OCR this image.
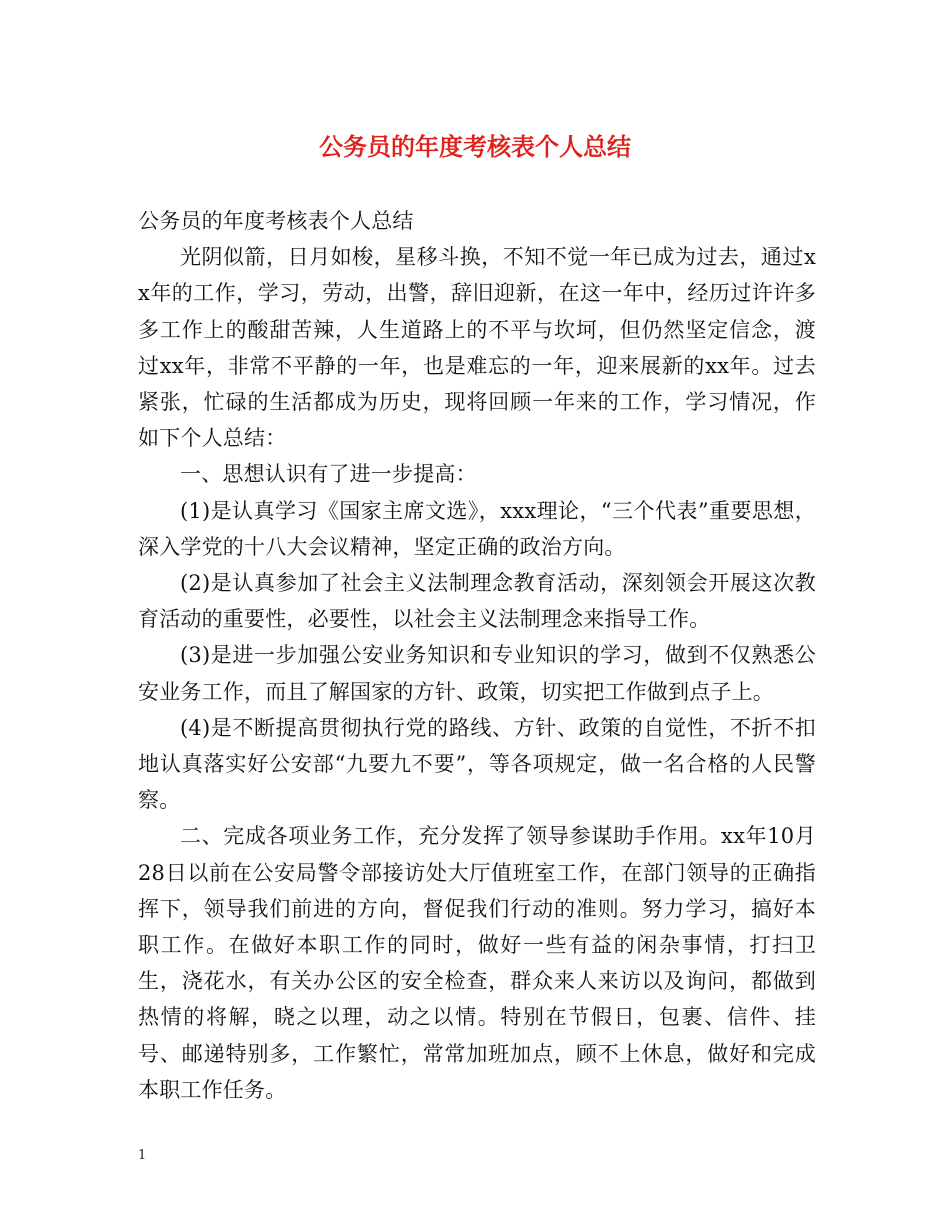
公务员的年度考核表个人总结

公务员的年度考核表个人总结

光阴似箭，日月如梭，星移斗换，不知不觉一年已成为过去，通过xx年的工作，学习，劳动，出警，辞旧迎新，在这一年中，经历过许许多多工作上的酸甜苦辣，人生道路上的不平与坎坷，但仍然坚定信念，渡过xx年，非常不平静的一年，也是难忘的一年，迎来展新的xx年。过去紧张，忙碌的生活都成为历史，现将回顾一年来的工作，学习情况，作如下个人总结：

一、思想认识有了进一步提高：

(1)是认真学习《国家主席文选》，xxx理论，“三个代表”重要思想，深入学党的十八大会议精神，坚定正确的政治方向。

(2)是认真参加了社会主义法制理念教育活动，深刻领会开展这次教育活动的重要性，必要性，以社会主义法制理念来指导工作。

(3)是进一步加强公安业务知识和专业知识的学习，做到不仅熟悉公安业务工作，而且了解国家的方针、政策，切实把工作做到点子上。

(4)是不断提高贯彻执行党的路线、方针、政策的自觉性，不折不扣地认真落实好公安部“九要九不要”，等各项规定，做一名合格的人民警察。

二、完成各项业务工作，充分发挥了领导参谋助手作用。xx年10月28日以前在公安局警令部接访处大厅值班室工作，在部门领导的正确指挥下，领导我们前进的方向，督促我们行动的准则。努力学习，搞好本职工作。在做好本职工作的同时，做好一些有益的闲杂事情，打扫卫生，浇花水，有关办公区的安全检查，群众来人来访以及询问，都做到热情的将解，晓之以理，动之以情。特别在节假日，包裹、信件、挂号、邮递特别多，工作繁忙，常常加班加点，顾不上休息，做好和完成本职工作任务。

1
